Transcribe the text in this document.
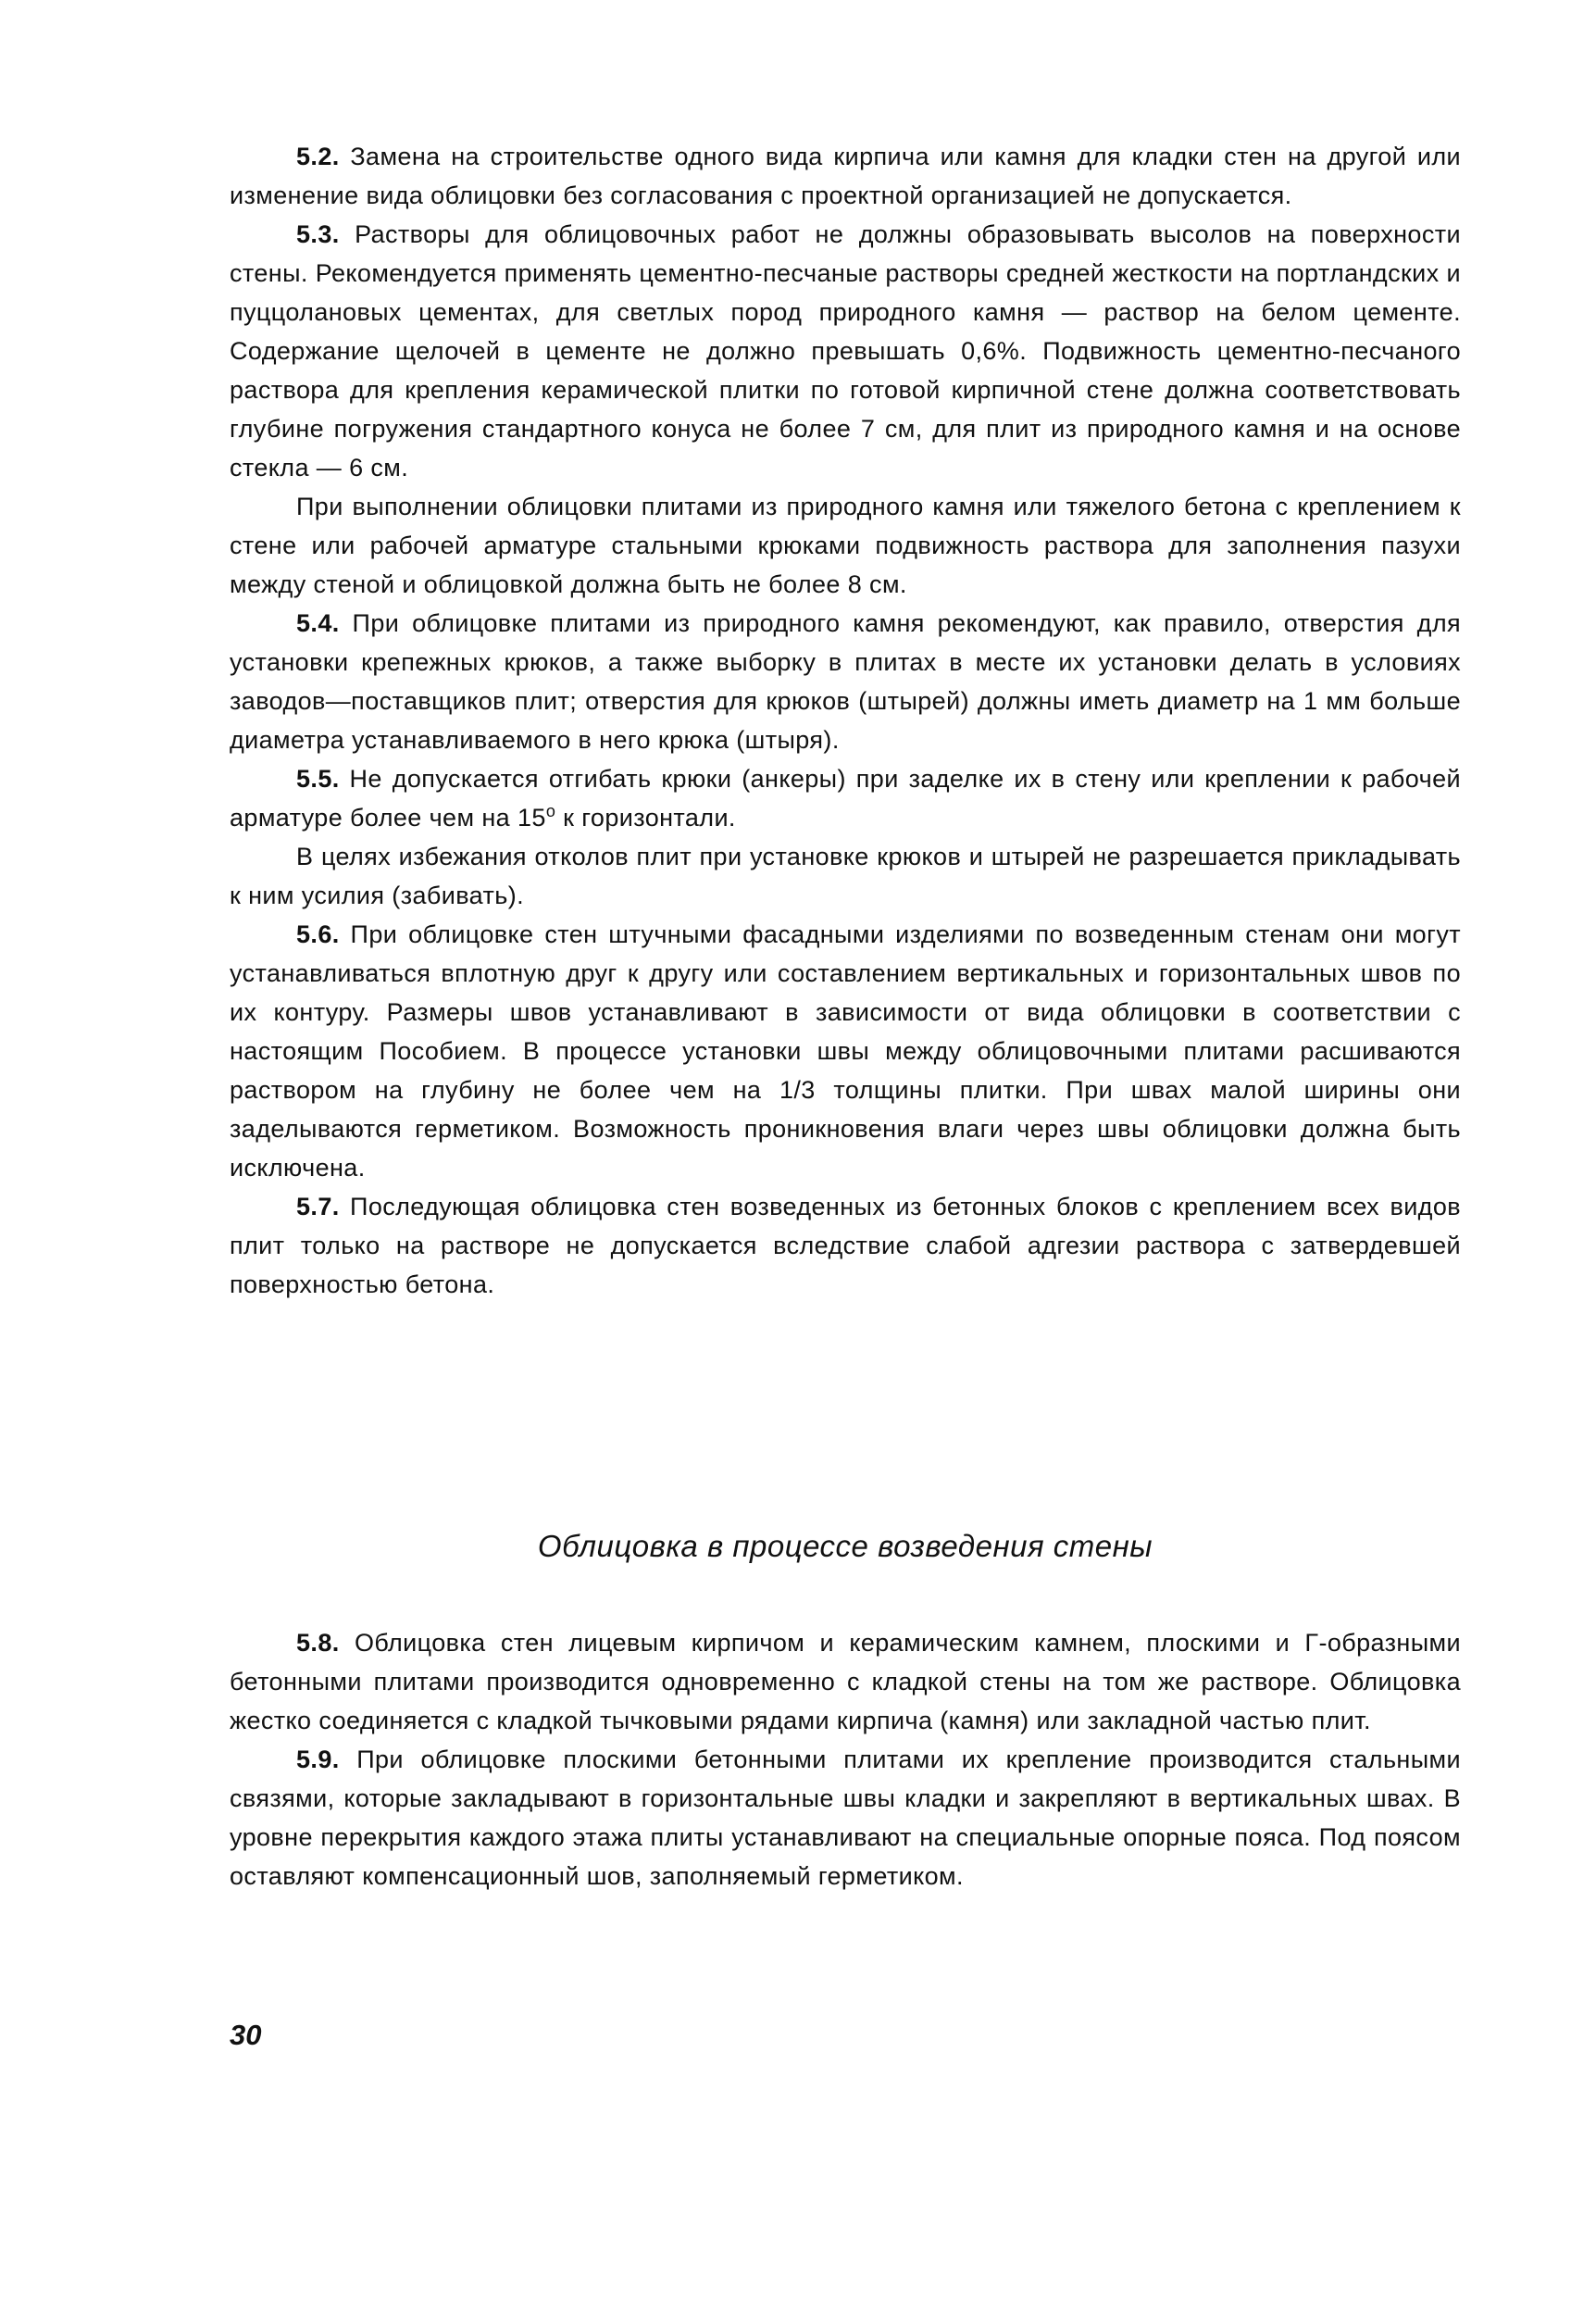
5.2. Замена на строительстве одного вида кирпича или камня для кладки стен на другой или изменение вида облицовки без согласования с проектной организацией не допускается.

5.3. Растворы для облицовочных работ не должны образовывать высолов на поверхности стены. Рекомендуется применять цементно-песчаные растворы средней жесткости на портландских и пуццолановых цементах, для светлых пород природного камня — раствор на белом цементе. Содержание щелочей в цементе не должно превышать 0,6%. Подвижность цементно-песчаного раствора для крепления керамической плитки по готовой кирпичной стене должна соответствовать глубине погружения стандартного конуса не более 7 см, для плит из природного камня и на основе стекла — 6 см.

При выполнении облицовки плитами из природного камня или тяжелого бетона с креплением к стене или рабочей арматуре стальными крюками подвижность раствора для заполнения пазухи между стеной и облицовкой должна быть не более 8 см.

5.4. При облицовке плитами из природного камня рекомендуют, как правило, отверстия для установки крепежных крюков, а также выборку в плитах в месте их установки делать в условиях заводов—поставщиков плит; отверстия для крюков (штырей) должны иметь диаметр на 1 мм больше диаметра устанавливаемого в него крюка (штыря).

5.5. Не допускается отгибать крюки (анкеры) при заделке их в стену или креплении к рабочей арматуре более чем на $15^о$ к горизонтали.

В целях избежания отколов плит при установке крюков и штырей не разрешается прикладывать к ним усилия (забивать).

5.6. При облицовке стен штучными фасадными изделиями по возведенным стенам они могут устанавливаться вплотную друг к другу или составлением вертикальных и горизонтальных швов по их контуру. Размеры швов устанавливают в зависимости от вида облицовки в соответствии с настоящим Пособием. В процессе установки швы между облицовочными плитами расшиваются раствором на глубину не более чем на 1/3 толщины плитки. При швах малой ширины они заделываются герметиком. Возможность проникновения влаги через швы облицовки должна быть исключена.

5.7. Последующая облицовка стен возведенных из бетонных блоков с креплением всех видов плит только на растворе не допускается вследствие слабой адгезии раствора с затвердевшей поверхностью бетона.

Облицовка в процессе возведения стены

5.8. Облицовка стен лицевым кирпичом и керамическим камнем, плоскими и Г-образными бетонными плитами производится одновременно с кладкой стены на том же растворе. Облицовка жестко соединяется с кладкой тычковыми рядами кирпича (камня) или закладной частью плит.

5.9. При облицовке плоскими бетонными плитами их крепление производится стальными связями, которые закладывают в горизонтальные швы кладки и закрепляют в вертикальных швах. В уровне перекрытия каждого этажа плиты устанавливают на специальные опорные пояса. Под поясом оставляют компенсационный шов, заполняемый герметиком.

30
